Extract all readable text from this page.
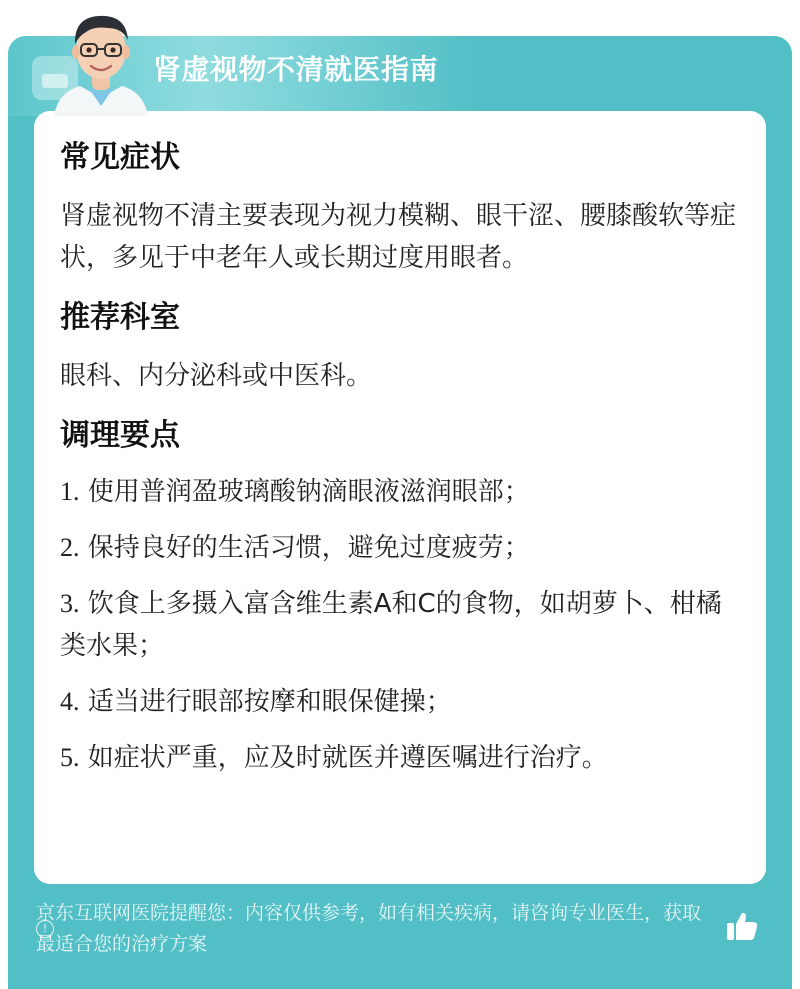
肾虚视物不清就医指南
常见症状

肾虚视物不清主要表现为视力模糊、眼干涩、腰膝酸软等症状，多见于中老年人或长期过度用眼者。

推荐科室

眼科、内分泌科或中医科。

调理要点
1. 使用普润盈玻璃酸钠滴眼液滋润眼部；
2. 保持良好的生活习惯，避免过度疲劳；
3. 饮食上多摄入富含维生素A和C的食物，如胡萝卜、柑橘类水果；
4. 适当进行眼部按摩和眼保健操；
5. 如症状严重，应及时就医并遵医嘱进行治疗。
!
京东互联网医院提醒您：内容仅供参考，如有相关疾病，请咨询专业医生，获取最适合您的治疗方案
